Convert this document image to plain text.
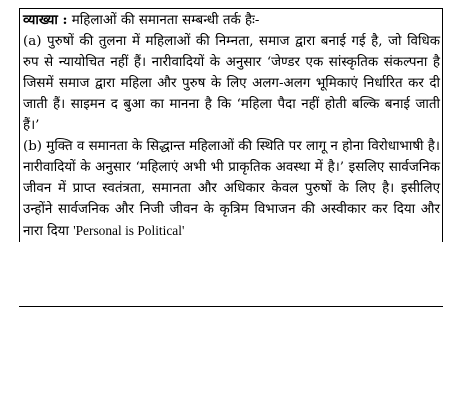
व्याख्या : महिलाओं की समानता सम्बन्धी तर्क हैः-

(a) पुरुषों की तुलना में महिलाओं की निम्नता, समाज द्वारा बनाई गई है, जो विधिक रुप से न्यायोचित नहीं हैं। नारीवादियों के अनुसार ‘जेण्डर एक सांस्कृतिक संकल्पना है जिसमें समाज द्वारा महिला और पुरुष के लिए अलग-अलग भूमिकाएं निर्धारित कर दी जाती हैं। साइमन द बुआ का मानना है कि ‘महिला पैदा नहीं होती बल्कि बनाई जाती हैं।’

(b) मुक्ति व समानता के सिद्धान्त महिलाओं की स्थिति पर लागू न होना विरोधाभाषी है। नारीवादियों के अनुसार ‘महिलाएं अभी भी प्राकृतिक अवस्था में है।’ इसलिए सार्वजनिक जीवन में प्राप्त स्वतंत्रता, समानता और अधिकार केवल पुरुषों के लिए है। इसीलिए उन्होंने सार्वजनिक और निजी जीवन के कृत्रिम विभाजन की अस्वीकार कर दिया और नारा दिया 'Personal is Political'
